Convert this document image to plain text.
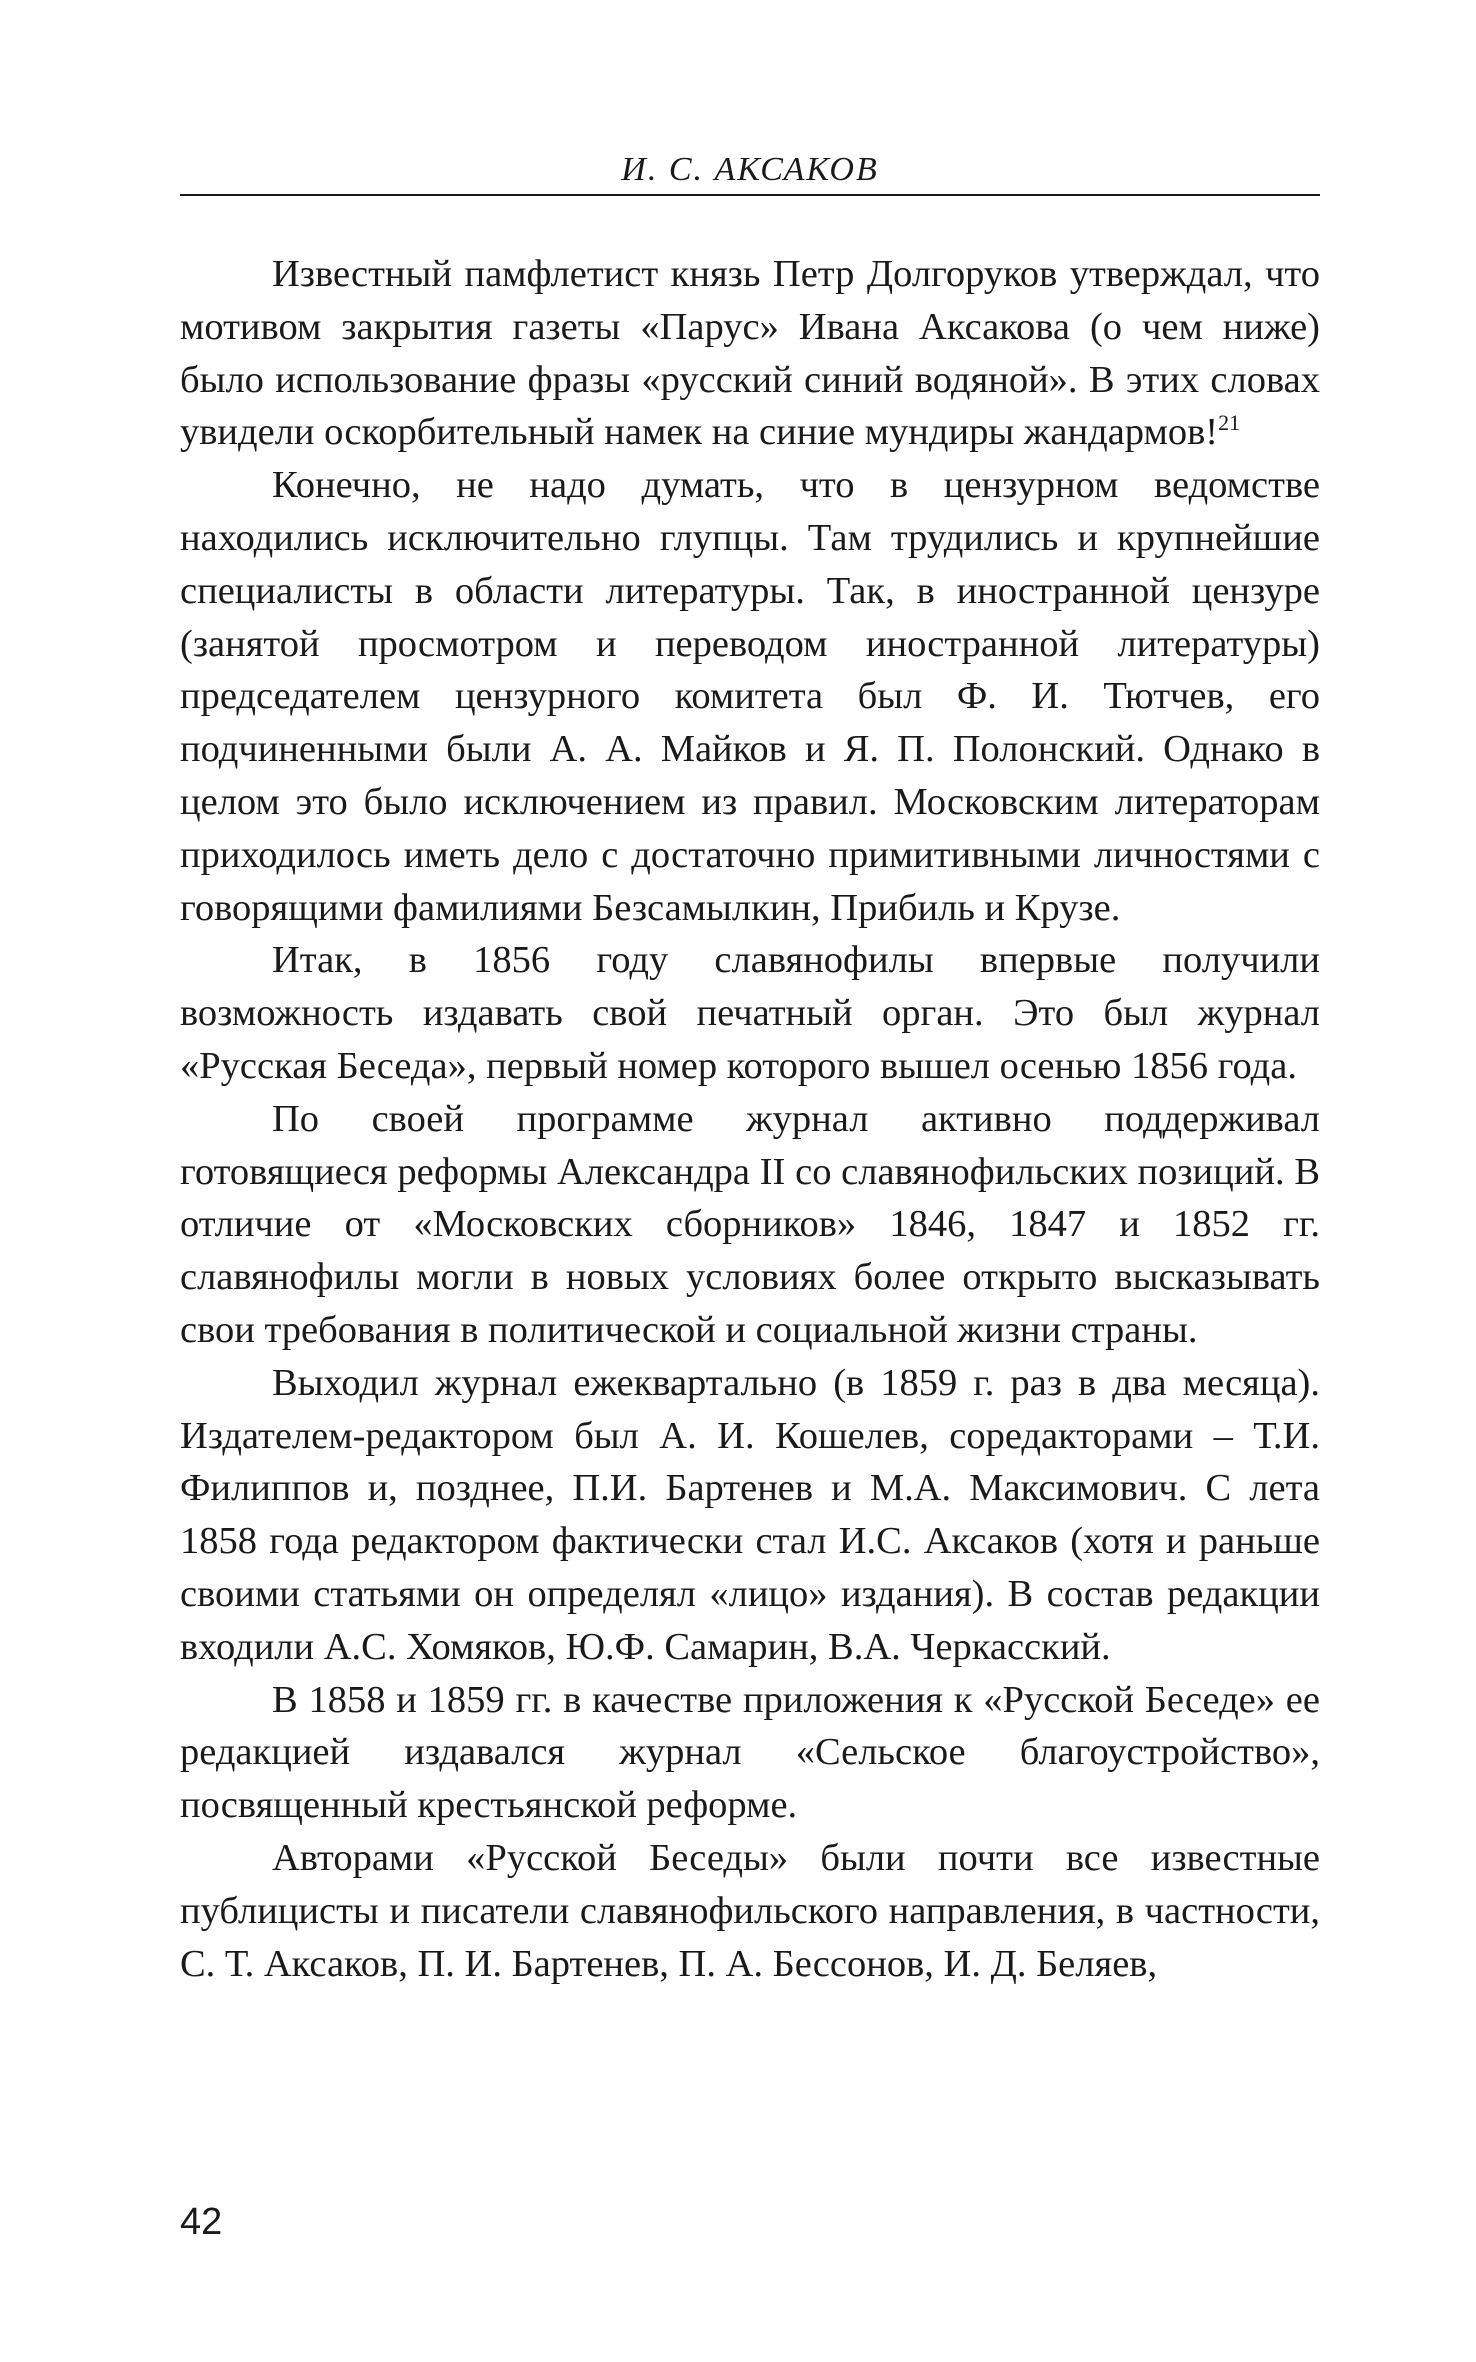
И. С. АКСАКОВ

Известный памфлетист князь Петр Долгоруков утверждал, что мотивом закрытия газеты «Парус» Ивана Аксакова (о чем ниже) было использование фразы «русский синий водяной». В этих словах увидели оскорбительный намек на синие мундиры жандармов!$^{21}$

Конечно, не надо думать, что в цензурном ведомстве находились исключительно глупцы. Там трудились и крупнейшие специалисты в области литературы. Так, в иностранной цензуре (занятой просмотром и переводом иностранной литературы) председателем цензурного комитета был Ф. И. Тютчев, его подчиненными были А. А. Майков и Я. П. Полонский. Однако в целом это было исключением из правил. Московским литераторам приходилось иметь дело с достаточно примитивными личностями с говорящими фамилиями Безсамылкин, Прибиль и Крузе.

Итак, в 1856 году славянофилы впервые получили возможность издавать свой печатный орган. Это был журнал «Русская Беседа», первый номер которого вышел осенью 1856 года.

По своей программе журнал активно поддерживал готовящиеся реформы Александра II со славянофильских позиций. В отличие от «Московских сборников» 1846, 1847 и 1852 гг. славянофилы могли в новых условиях более открыто высказывать свои требования в политической и социальной жизни страны.

Выходил журнал ежеквартально (в 1859 г. раз в два месяца). Издателем-редактором был А. И. Кошелев, соредакторами – Т.И. Филиппов и, позднее, П.И. Бартенев и М.А. Максимович. С лета 1858 года редактором фактически стал И.С. Аксаков (хотя и раньше своими статьями он определял «лицо» издания). В состав редакции входили А.С. Хомяков, Ю.Ф. Самарин, В.А. Черкасский.

В 1858 и 1859 гг. в качестве приложения к «Русской Беседе» ее редакцией издавался журнал «Сельское благоустройство», посвященный крестьянской реформе.

Авторами «Русской Беседы» были почти все известные публицисты и писатели славянофильского направления, в частности, С. Т. Аксаков, П. И. Бартенев, П. А. Бессонов, И. Д. Беляев,

42
